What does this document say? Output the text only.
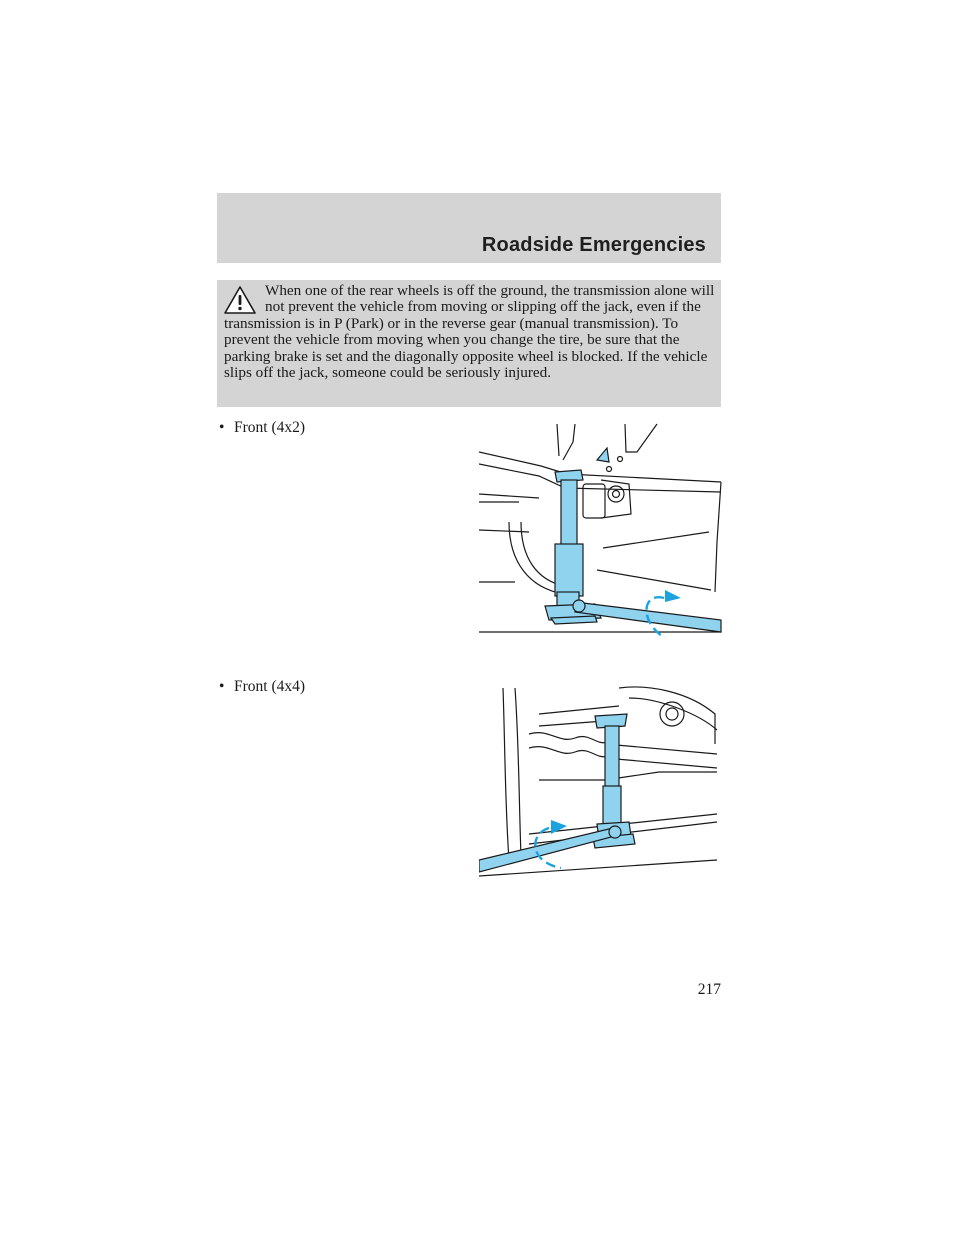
Roadside Emergencies

When one of the rear wheels is off the ground, the transmission alone will not prevent the vehicle from moving or slipping off the jack, even if the transmission is in P (Park) or in the reverse gear (manual transmission). To prevent the vehicle from moving when you change the tire, be sure that the parking brake is set and the diagonally opposite wheel is blocked. If the vehicle slips off the jack, someone could be seriously injured.

• Front (4x2)
• Front (4x4)
217
